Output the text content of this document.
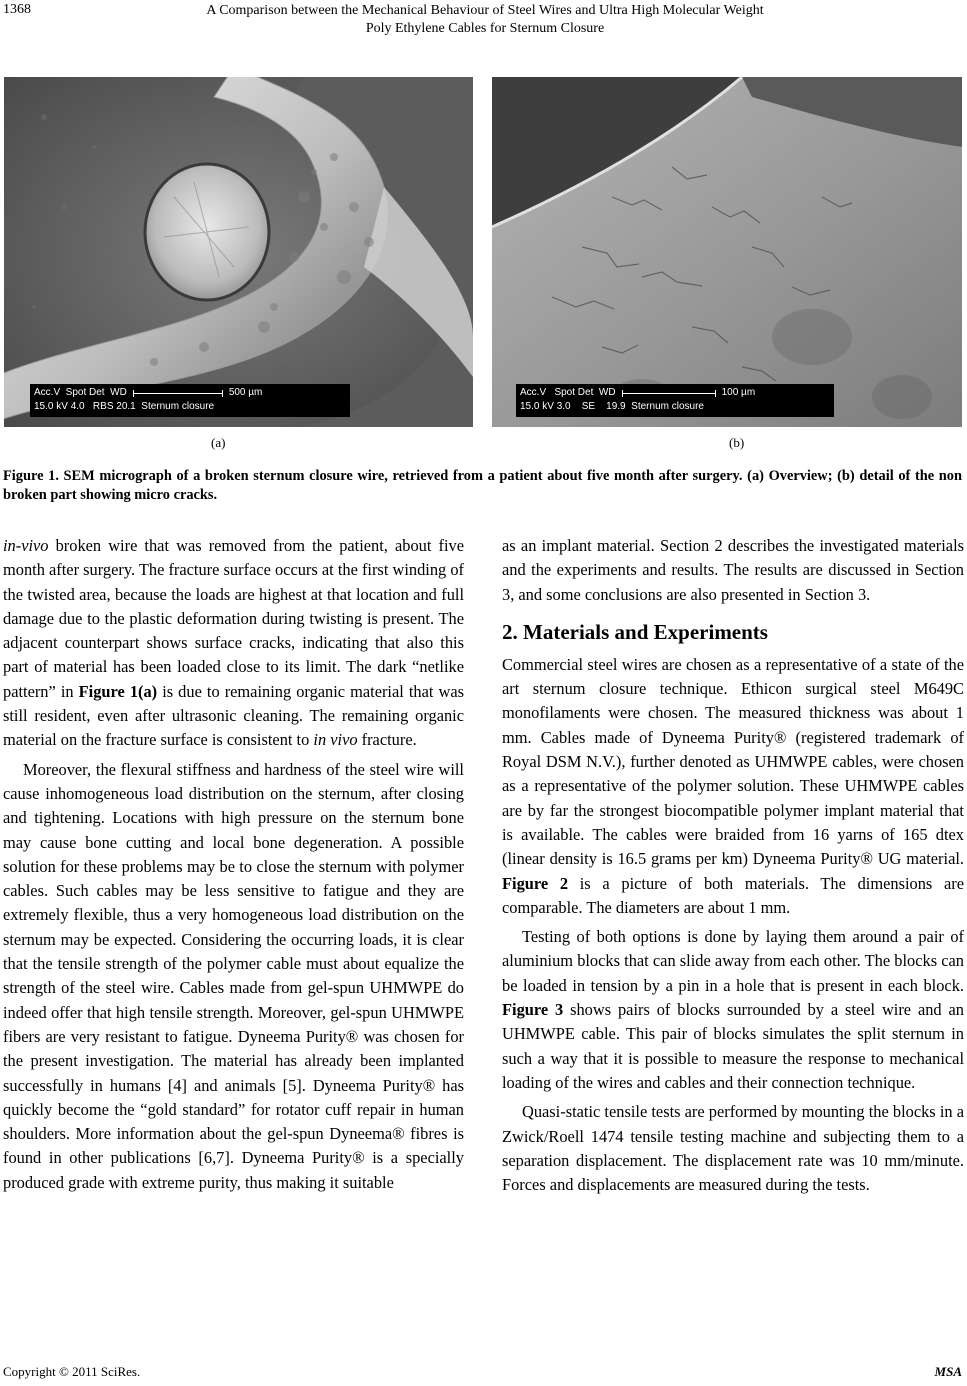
1368	A Comparison between the Mechanical Behaviour of Steel Wires and Ultra High Molecular Weight
Poly Ethylene Cables for Sternum Closure
Acc.V  Spot Det  WD	500 µm
15.0 kV 4.0   RBS 20.1  Sternum closure
Acc.V   Spot Det  WD	100 µm
15.0 kV 3.0    SE    19.9  Sternum closure
(a)	(b)
Figure 1. SEM micrograph of a broken sternum closure wire, retrieved from a patient about five month after surgery. (a) Overview; (b) detail of the non broken part showing micro cracks.

in-vivo broken wire that was removed from the patient, about five month after surgery. The fracture surface occurs at the first winding of the twisted area, because the loads are highest at that location and full damage due to the plastic deformation during twisting is present. The adjacent counterpart shows surface cracks, indicating that also this part of material has been loaded close to its limit. The dark “netlike pattern” in Figure 1(a) is due to remaining organic material that was still resident, even after ultrasonic cleaning. The remaining organic material on the fracture surface is consistent to in vivo fracture.

Moreover, the flexural stiffness and hardness of the steel wire will cause inhomogeneous load distribution on the sternum, after closing and tightening. Locations with high pressure on the sternum bone may cause bone cutting and local bone degeneration. A possible solution for these problems may be to close the sternum with polymer cables. Such cables may be less sensitive to fatigue and they are extremely flexible, thus a very homogeneous load distribution on the sternum may be expected. Considering the occurring loads, it is clear that the tensile strength of the polymer cable must about equalize the strength of the steel wire. Cables made from gel-spun UHMWPE do indeed offer that high tensile strength. Moreover, gel-spun UHMWPE fibers are very resistant to fatigue. Dyneema Purity® was chosen for the present investigation. The material has already been implanted successfully in humans [4] and animals [5]. Dyneema Purity® has quickly become the “gold standard” for rotator cuff repair in human shoulders. More information about the gel-spun Dyneema® fibres is found in other publications [6,7]. Dyneema Purity® is a specially produced grade with extreme purity, thus making it suitable

as an implant material. Section 2 describes the investigated materials and the experiments and results. The results are discussed in Section 3, and some conclusions are also presented in Section 3.

2. Materials and Experiments

Commercial steel wires are chosen as a representative of a state of the art sternum closure technique. Ethicon surgical steel M649C monofilaments were chosen. The measured thickness was about 1 mm. Cables made of Dyneema Purity® (registered trademark of Royal DSM N.V.), further denoted as UHMWPE cables, were chosen as a representative of the polymer solution. These UHMWPE cables are by far the strongest biocompatible polymer implant material that is available. The cables were braided from 16 yarns of 165 dtex (linear density is 16.5 grams per km) Dyneema Purity® UG material. Figure 2 is a picture of both materials. The dimensions are comparable. The diameters are about 1 mm.

Testing of both options is done by laying them around a pair of aluminium blocks that can slide away from each other. The blocks can be loaded in tension by a pin in a hole that is present in each block. Figure 3 shows pairs of blocks surrounded by a steel wire and an UHMWPE cable. This pair of blocks simulates the split sternum in such a way that it is possible to measure the response to mechanical loading of the wires and cables and their connection technique.

Quasi-static tensile tests are performed by mounting the blocks in a Zwick/Roell 1474 tensile testing machine and subjecting them to a separation displacement. The displacement rate was 10 mm/minute. Forces and displacements are measured during the tests.

Copyright © 2011 SciRes.	MSA
